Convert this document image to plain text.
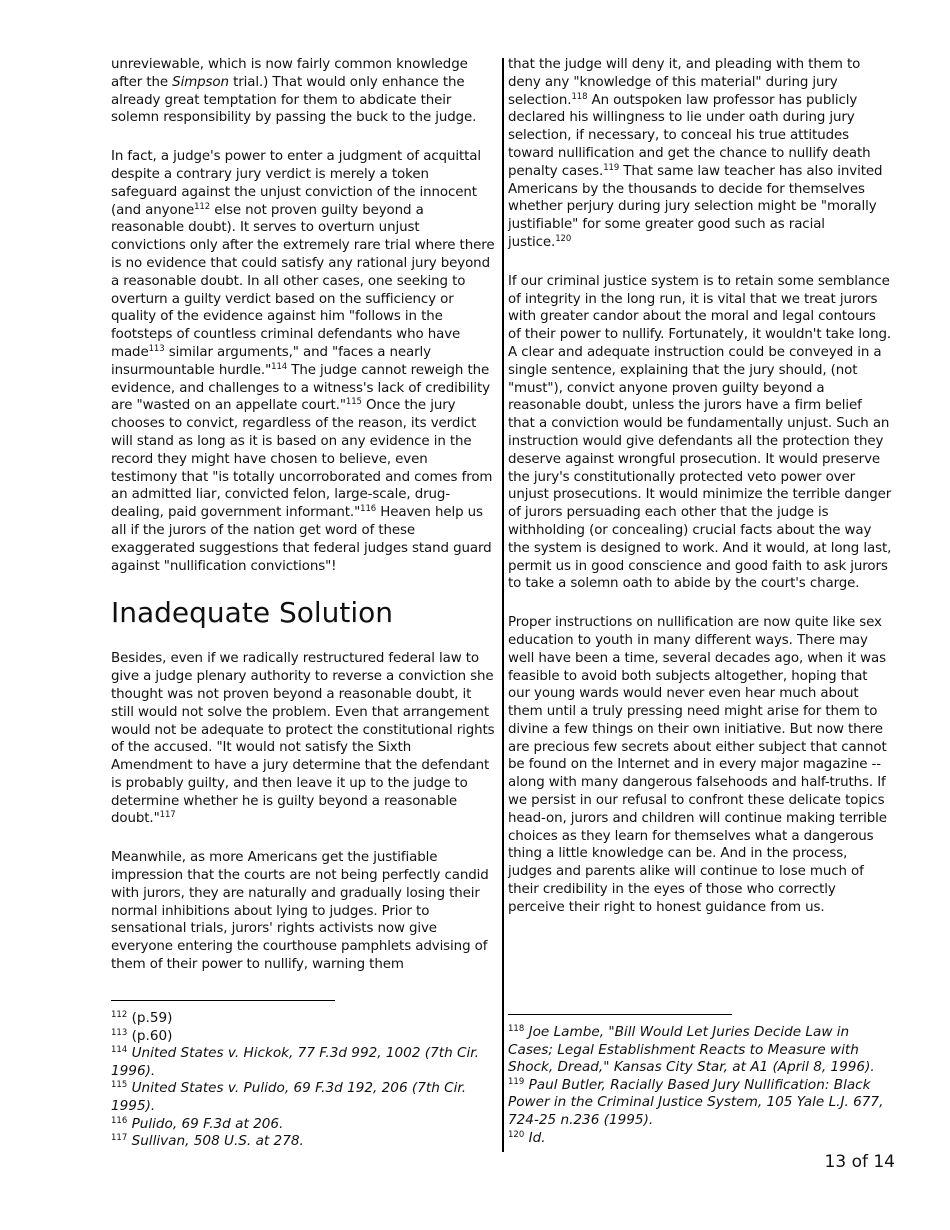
unreviewable, which is now fairly common knowledge after the Simpson trial.) That would only enhance the already great temptation for them to abdicate their solemn responsibility by passing the buck to the judge.

In fact, a judge's power to enter a judgment of acquittal despite a contrary jury verdict is merely a token safeguard against the unjust conviction of the innocent (and anyone$^{112}$ else not proven guilty beyond a reasonable doubt). It serves to overturn unjust convictions only after the extremely rare trial where there is no evidence that could satisfy any rational jury beyond a reasonable doubt. In all other cases, one seeking to overturn a guilty verdict based on the sufficiency or quality of the evidence against him "follows in the footsteps of countless criminal defendants who have made$^{113}$ similar arguments," and "faces a nearly insurmountable hurdle."$^{114}$ The judge cannot reweigh the evidence, and challenges to a witness's lack of credibility are "wasted on an appellate court."$^{115}$ Once the jury chooses to convict, regardless of the reason, its verdict will stand as long as it is based on any evidence in the record they might have chosen to believe, even testimony that "is totally uncorroborated and comes from an admitted liar, convicted felon, large-scale, drug-dealing, paid government informant."$^{116}$ Heaven help us all if the jurors of the nation get word of these exaggerated suggestions that federal judges stand guard against "nullification convictions"!

Inadequate Solution

Besides, even if we radically restructured federal law to give a judge plenary authority to reverse a conviction she thought was not proven beyond a reasonable doubt, it still would not solve the problem. Even that arrangement would not be adequate to protect the constitutional rights of the accused. "It would not satisfy the Sixth Amendment to have a jury determine that the defendant is probably guilty, and then leave it up to the judge to determine whether he is guilty beyond a reasonable doubt."$^{117}$

Meanwhile, as more Americans get the justifiable impression that the courts are not being perfectly candid with jurors, they are naturally and gradually losing their normal inhibitions about lying to judges. Prior to sensational trials, jurors' rights activists now give everyone entering the courthouse pamphlets advising of them of their power to nullify, warning them

that the judge will deny it, and pleading with them to deny any "knowledge of this material" during jury selection.$^{118}$ An outspoken law professor has publicly declared his willingness to lie under oath during jury selection, if necessary, to conceal his true attitudes toward nullification and get the chance to nullify death penalty cases.$^{119}$ That same law teacher has also invited Americans by the thousands to decide for themselves whether perjury during jury selection might be "morally justifiable" for some greater good such as racial justice.$^{120}$

If our criminal justice system is to retain some semblance of integrity in the long run, it is vital that we treat jurors with greater candor about the moral and legal contours of their power to nullify. Fortunately, it wouldn't take long. A clear and adequate instruction could be conveyed in a single sentence, explaining that the jury should, (not "must"), convict anyone proven guilty beyond a reasonable doubt, unless the jurors have a firm belief that a conviction would be fundamentally unjust. Such an instruction would give defendants all the protection they deserve against wrongful prosecution. It would preserve the jury's constitutionally protected veto power over unjust prosecutions. It would minimize the terrible danger of jurors persuading each other that the judge is withholding (or concealing) crucial facts about the way the system is designed to work. And it would, at long last, permit us in good conscience and good faith to ask jurors to take a solemn oath to abide by the court's charge.

Proper instructions on nullification are now quite like sex education to youth in many different ways. There may well have been a time, several decades ago, when it was feasible to avoid both subjects altogether, hoping that our young wards would never even hear much about them until a truly pressing need might arise for them to divine a few things on their own initiative. But now there are precious few secrets about either subject that cannot be found on the Internet and in every major magazine -- along with many dangerous falsehoods and half-truths. If we persist in our refusal to confront these delicate topics head-on, jurors and children will continue making terrible choices as they learn for themselves what a dangerous thing a little knowledge can be. And in the process, judges and parents alike will continue to lose much of their credibility in the eyes of those who correctly perceive their right to honest guidance from us.

$^{112}$ (p.59)
$^{113}$ (p.60)
$^{114}$ United States v. Hickok, 77 F.3d 992, 1002 (7th Cir. 1996).
$^{115}$ United States v. Pulido, 69 F.3d 192, 206 (7th Cir. 1995).
$^{116}$ Pulido, 69 F.3d at 206.
$^{117}$ Sullivan, 508 U.S. at 278.
$^{118}$ Joe Lambe, "Bill Would Let Juries Decide Law in Cases; Legal Establishment Reacts to Measure with Shock, Dread," Kansas City Star, at A1 (April 8, 1996).
$^{119}$ Paul Butler, Racially Based Jury Nullification: Black Power in the Criminal Justice System, 105 Yale L.J. 677, 724-25 n.236 (1995).
$^{120}$ Id.
13 of 14
